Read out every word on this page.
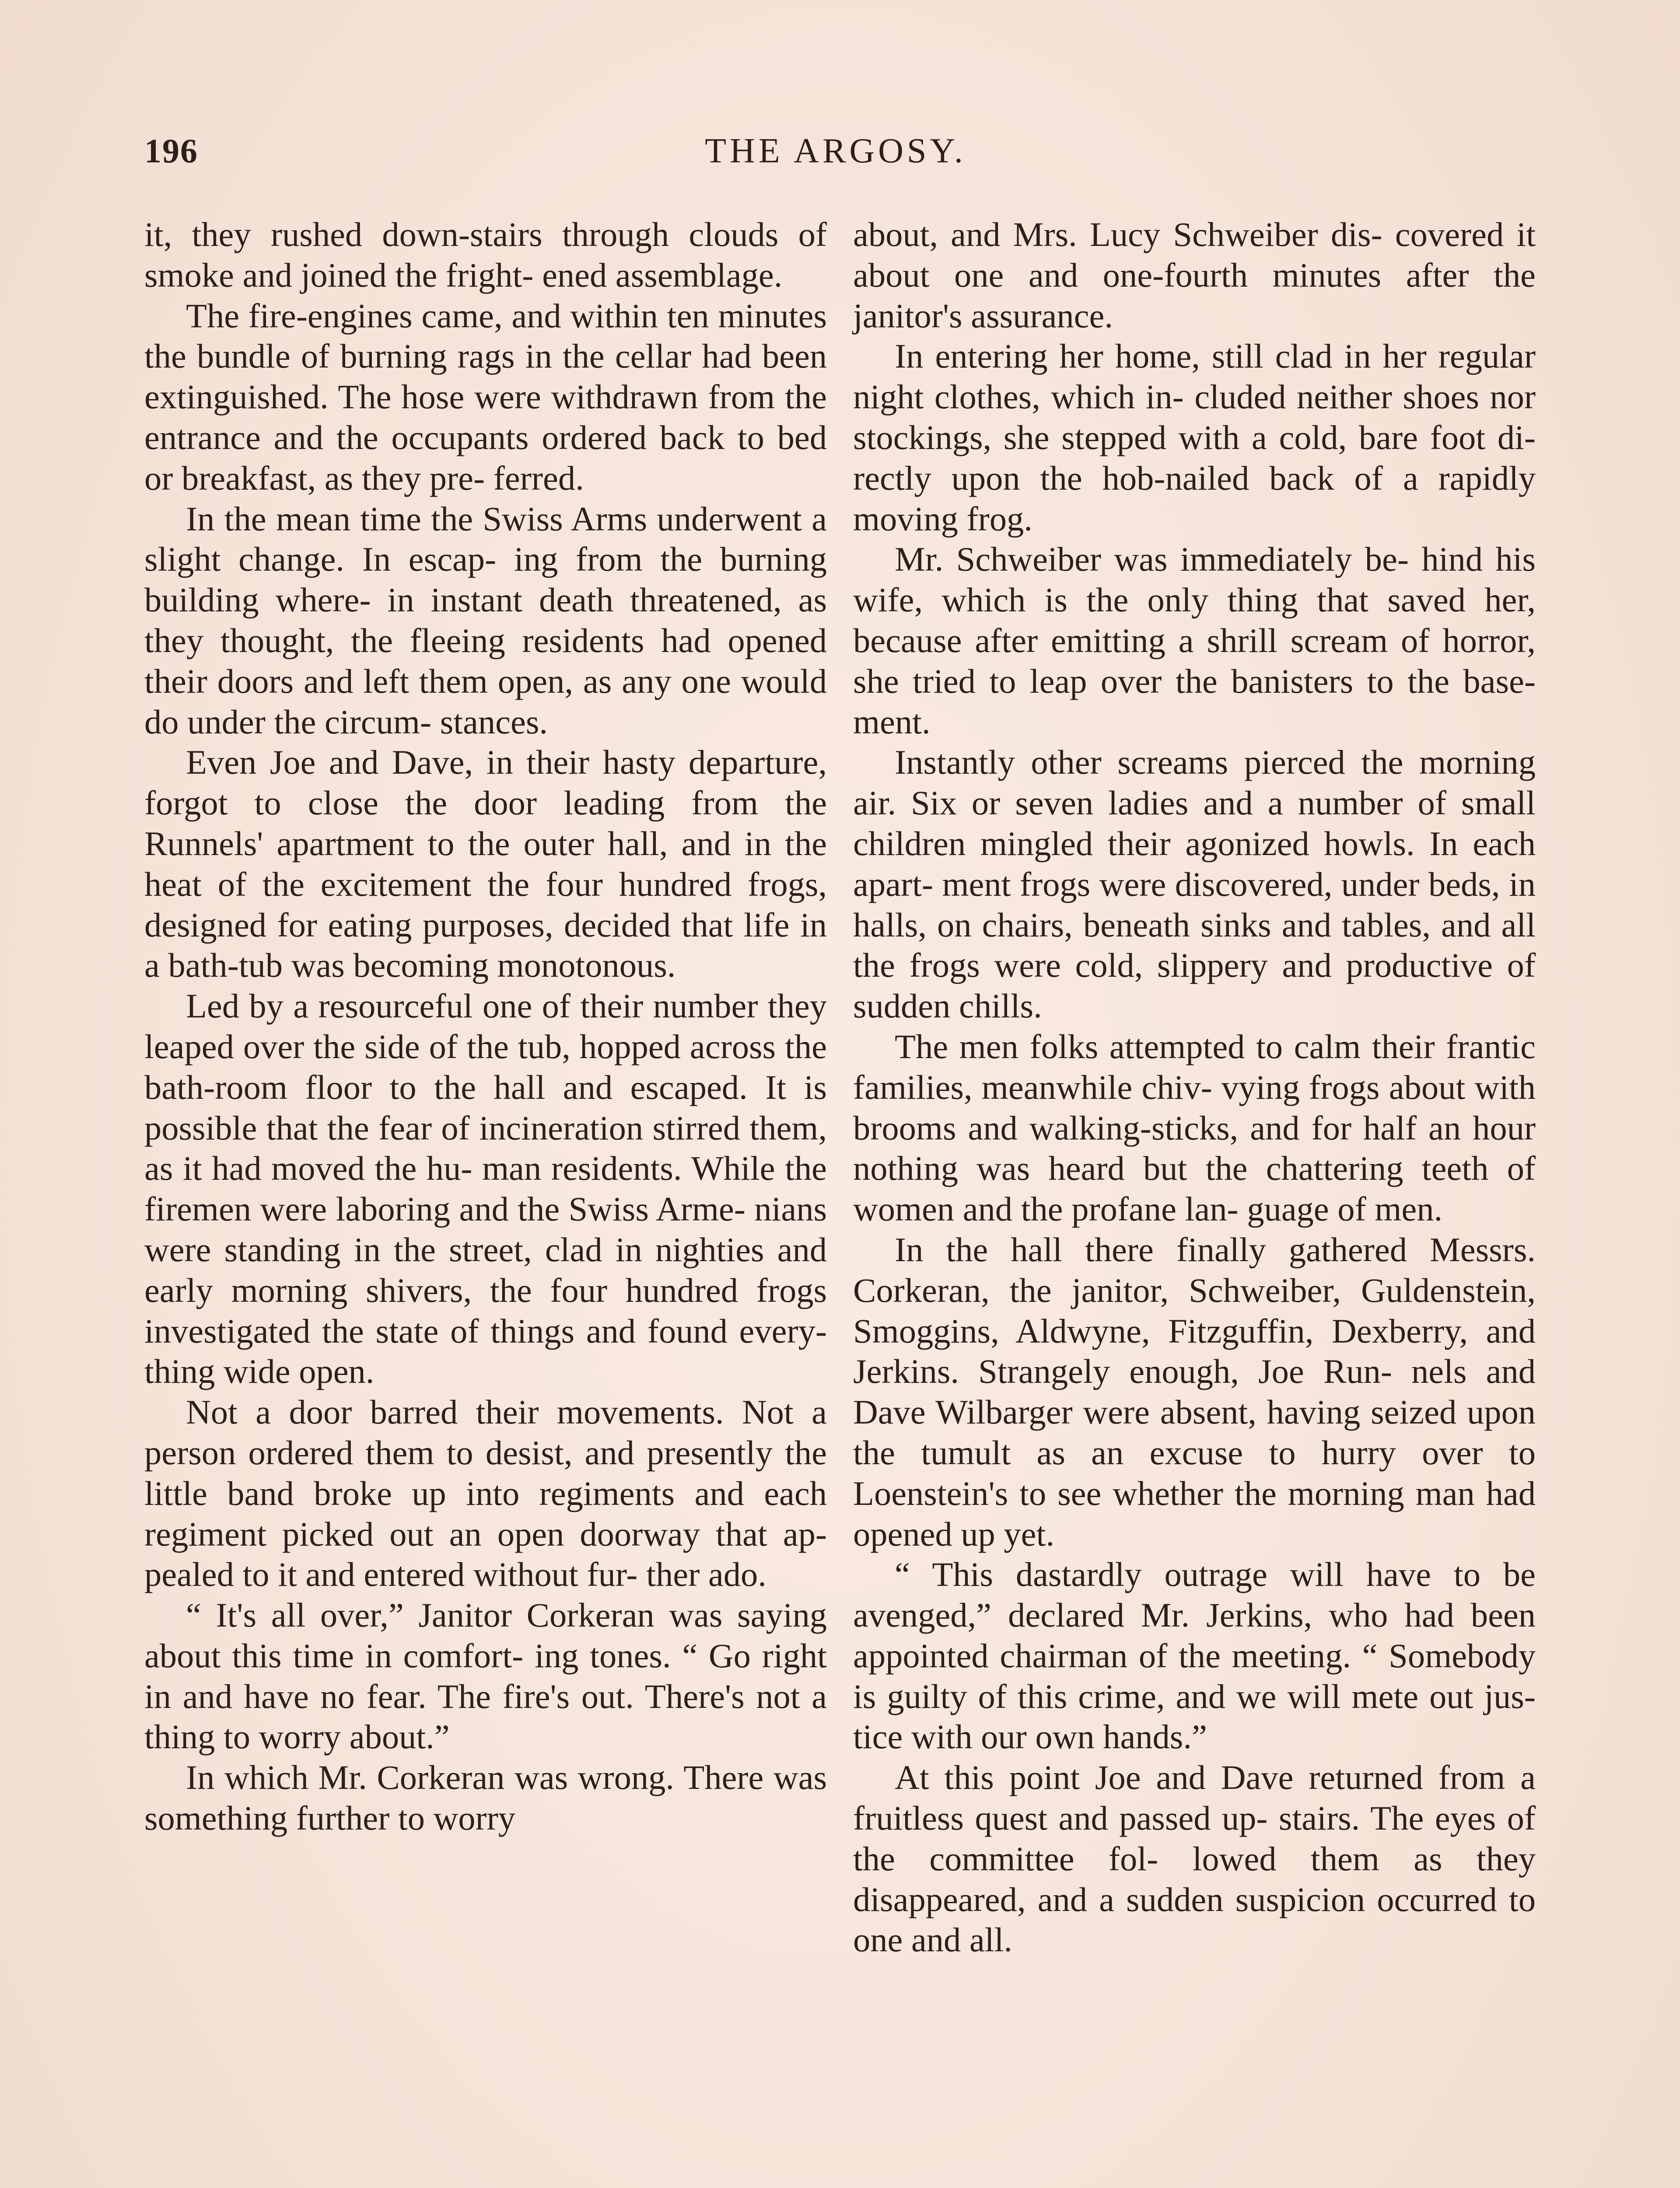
196	THE ARGOSY.

it, they rushed down-stairs through clouds of smoke and joined the fright- ened assemblage.

The fire-engines came, and within ten minutes the bundle of burning rags in the cellar had been extinguished. The hose were withdrawn from the entrance and the occupants ordered back to bed or breakfast, as they pre- ferred.

In the mean time the Swiss Arms underwent a slight change. In escap- ing from the burning building where- in instant death threatened, as they thought, the fleeing residents had opened their doors and left them open, as any one would do under the circum- stances.

Even Joe and Dave, in their hasty departure, forgot to close the door leading from the Runnels' apartment to the outer hall, and in the heat of the excitement the four hundred frogs, designed for eating purposes, decided that life in a bath-tub was becoming monotonous.

Led by a resourceful one of their number they leaped over the side of the tub, hopped across the bath-room floor to the hall and escaped. It is possible that the fear of incineration stirred them, as it had moved the hu- man residents. While the firemen were laboring and the Swiss Arme- nians were standing in the street, clad in nighties and early morning shivers, the four hundred frogs investigated the state of things and found every- thing wide open.

Not a door barred their movements. Not a person ordered them to desist, and presently the little band broke up into regiments and each regiment picked out an open doorway that ap- pealed to it and entered without fur- ther ado.

“ It's all over,” Janitor Corkeran was saying about this time in comfort- ing tones. “ Go right in and have no fear. The fire's out. There's not a thing to worry about.”

In which Mr. Corkeran was wrong. There was something further to worry

about, and Mrs. Lucy Schweiber dis- covered it about one and one-fourth minutes after the janitor's assurance.

In entering her home, still clad in her regular night clothes, which in- cluded neither shoes nor stockings, she stepped with a cold, bare foot di- rectly upon the hob-nailed back of a rapidly moving frog.

Mr. Schweiber was immediately be- hind his wife, which is the only thing that saved her, because after emitting a shrill scream of horror, she tried to leap over the banisters to the base- ment.

Instantly other screams pierced the morning air. Six or seven ladies and a number of small children mingled their agonized howls. In each apart- ment frogs were discovered, under beds, in halls, on chairs, beneath sinks and tables, and all the frogs were cold, slippery and productive of sudden chills.

The men folks attempted to calm their frantic families, meanwhile chiv- vying frogs about with brooms and walking-sticks, and for half an hour nothing was heard but the chattering teeth of women and the profane lan- guage of men.

In the hall there finally gathered Messrs. Corkeran, the janitor, Schweiber, Guldenstein, Smoggins, Aldwyne, Fitzguffin, Dexberry, and Jerkins. Strangely enough, Joe Run- nels and Dave Wilbarger were absent, having seized upon the tumult as an excuse to hurry over to Loenstein's to see whether the morning man had opened up yet.

“ This dastardly outrage will have to be avenged,” declared Mr. Jerkins, who had been appointed chairman of the meeting. “ Somebody is guilty of this crime, and we will mete out jus- tice with our own hands.”

At this point Joe and Dave returned from a fruitless quest and passed up- stairs. The eyes of the committee fol- lowed them as they disappeared, and a sudden suspicion occurred to one and all.
